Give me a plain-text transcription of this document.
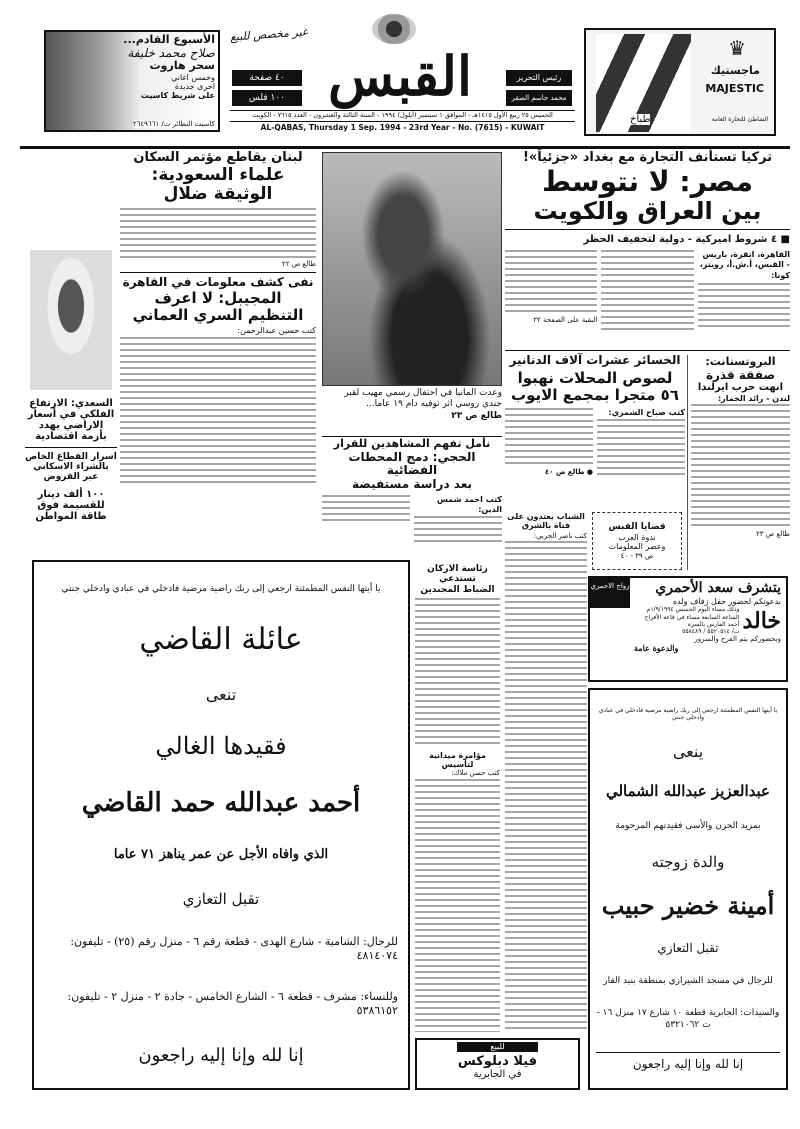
الأسبوع القادم...
صلاح محمد خليفة
سحر هاروت
وخمس اغاني
اخرى جديدة
على شريط كاسيت
كاسيت النظائر ت/ ٢٦٤٩٦٦١
غير مخصص للبيع
٤٠ صفحة
١٠٠ فلس القبس	رئيس التحرير
محمد جاسم الصقر
طباخ
♛
ماجستيك
MAJESTIC
الشاطئ للتجارة العامة
الخميس ٢٥ ربيع الأول ١٤١٥هـ - الموافق ١ سبتمبر (أيلول) ١٩٩٤ - السنة الثالثة والعشرون - العدد ٧٦١٥ - الكويت
AL-QABAS, Thursday 1 Sep. 1994 - 23rd Year - No. (7615) - KUWAIT
تركيا تستأنف التجارة مع بغداد «جزئياً»!
مصر: لا نتوسط
بين العراق والكويت
■ ٤ شروط اميركية - دولية لتخفيف الحظر
القاهرة، انقرة، باريس - القبس، أ.ش.أ، رويتر، كونا:
البقية على الصفحة ٢٢
وعدت المانيا في احتفال رسمي مهيب لقبر جندي روسي اثر توفيه دام ١٩ عاما...
طالع ص ٢٣
لبنان يقاطع مؤتمر السكان
علماء السعودية: الوثيقة ضلال
طالع ص ٢٢
نفى كشف معلومات في القاهرة
المجيبل: لا اعرف التنظيم السري العماني
كتب حسين عبدالرحمن:
السعدي: الارتفاع الفلكي في أسعار الاراضي يهدد بأزمة اقتصادية
اسرار القطاع الخاص بالشراء الاسكاني عبر القروض
١٠٠ ألف دينار للقسيمة فوق طاقة المواطن
الخسائر عشرات آلاف الدنانير
لصوص المحلات نهبوا
٥٦ متجرا بمجمع الايوب
كتب صباح الشمري:
● طالع ص ٤٠
البروتستانت:
صفقة قذرة
انهت حرب ايرلندا
لندن - رائد الخمار:
طالع ص ٢٣
قضايا القبس
ندوة العرب
وعصر المعلومات
ص ٣٩ - ٤٠
نأمل تفهم المشاهدين للقرار
الحجي: دمج المحطات الفضائية
بعد دراسة مستفيضة
كتب احمد شمس الدين:
الشباب يعتدون على فتاة بالشرق
كتب ناصر الحربي:
رئاسة الاركان تستدعي
الضباط المجندين
مؤامرة ميدانية لتأسيس
كتب حسن ملاك:
للبيع
فيلا دبلوكس
في الجابرية
يا أيتها النفس المطمئنة ارجعي إلى ربك راضية مرضية فادخلي في عبادي وادخلي جنتي
عائلة القاضي
تنعى
فقيدها الغالي
أحمد عبدالله حمد القاضي
الذي وافاه الأجل عن عمر يناهز ٧١ عاما
تقبل التعازي
للرجال: الشامية - شارع الهدى - قطعة رقم ٦ - منزل رقم (٢٥) - تليفون: ٤٨١٤٠٧٤
وللنساء: مشرف - قطعة ٦ - الشارع الخامس - جادة ٢ - منزل ٢ - تليفون: ٥٣٨٦١٥٢
إنا لله وإنا إليه راجعون
زواج الاحمري	يتشرف سعد الأحمري
بدعوتكم لحضور حفل زفاف ولده
خالد
وذلك مساء اليوم الخميس ١/٩/١٩٩٤م
الساعة السابعة مساء في قاعة الأفراح أحمد الفارس بالسرة
ت/ ٥٥٢٠٥١٤ / ٥٥٨٤٨٩
وبحضوركم يتم الفرح والسرور
والدعوة عامة
يا أيتها النفس المطمئنة ارجعي إلى ربك راضية مرضية فادخلي في عبادي وادخلي جنتي
ينعى
عبدالعزيز عبدالله الشمالي
بمزيد الحزن والأسى فقيدتهم المرحومة
والدة زوجته
أمينة خضير حبيب
تقبل التعازي
للرجال في مسجد الشيرازي بمنطقة بنيد القار
والسيدات: الجابرية قطعة ١٠ شارع ١٧ منزل ١٦ - ت ٥٣٢١٠٦٢
إنا لله وإنا إليه راجعون
